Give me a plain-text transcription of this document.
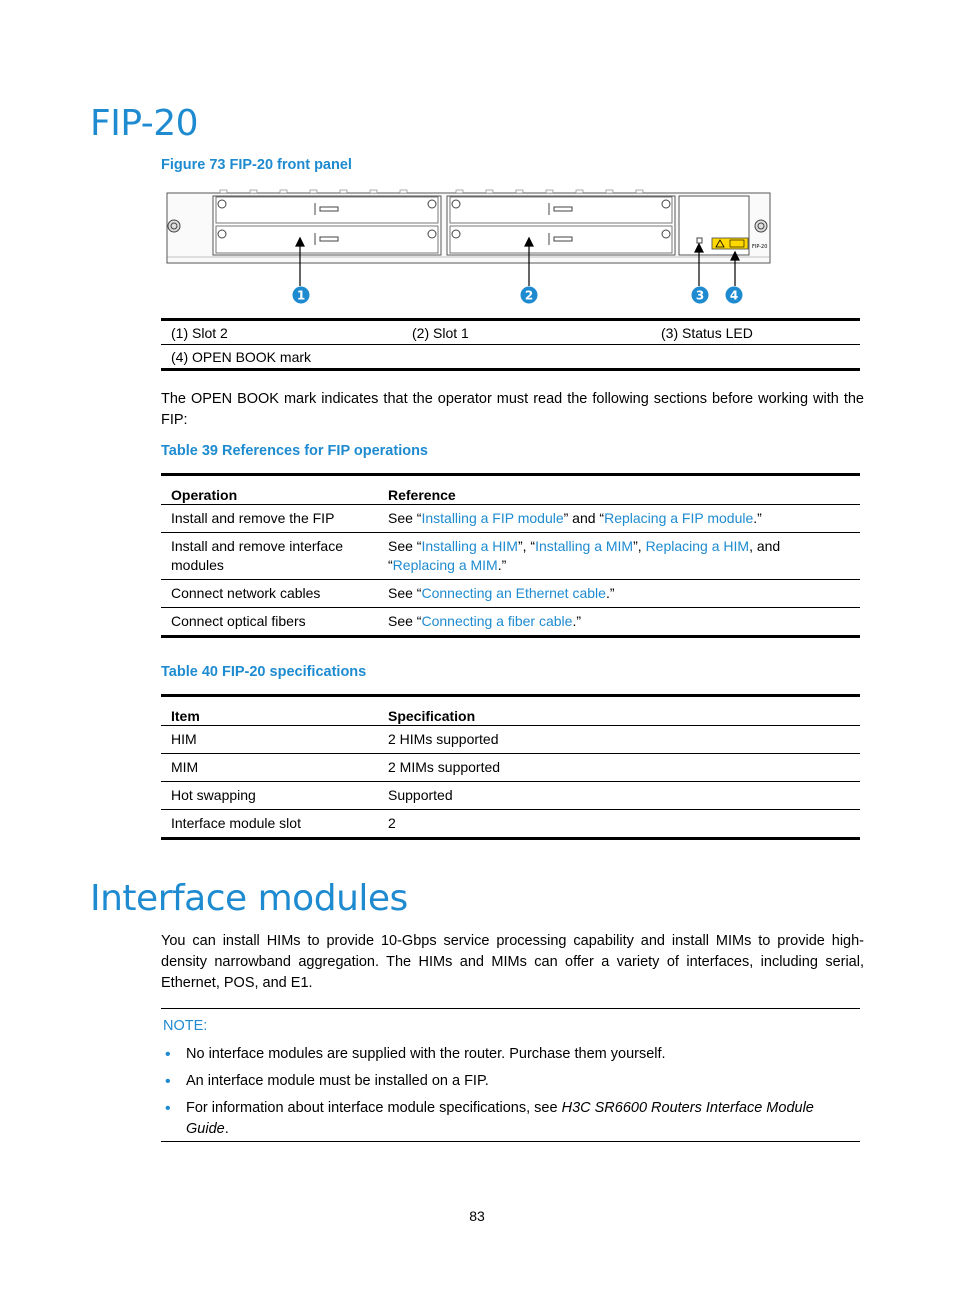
FIP-20

Figure 73 FIP-20 front panel

FIP-20
1	2	3 4
(1) Slot 2	(2) Slot 1	(3) Status LED
(4) OPEN BOOK mark

The OPEN BOOK mark indicates that the operator must read the following sections before working with the FIP:

Table 39 References for FIP operations

Operation	Reference
Install and remove the FIP	See “Installing a FIP module” and “Replacing a FIP module.”
Install and remove interface modules	See “Installing a HIM”, “Installing a MIM”, Replacing a HIM, and “Replacing a MIM.”
Connect network cables	See “Connecting an Ethernet cable.”
Connect optical fibers	See “Connecting a fiber cable.”

Table 40 FIP-20 specifications

Item	Specification
HIM	2 HIMs supported
MIM	2 MIMs supported
Hot swapping	Supported
Interface module slot	2
Interface modules

You can install HIMs to provide 10-Gbps service processing capability and install MIMs to provide high-density narrowband aggregation. The HIMs and MIMs can offer a variety of interfaces, including serial, Ethernet, POS, and E1.

NOTE:
• No interface modules are supplied with the router. Purchase them yourself.
• An interface module must be installed on a FIP.
• For information about interface module specifications, see H3C SR6600 Routers Interface Module Guide.
83
